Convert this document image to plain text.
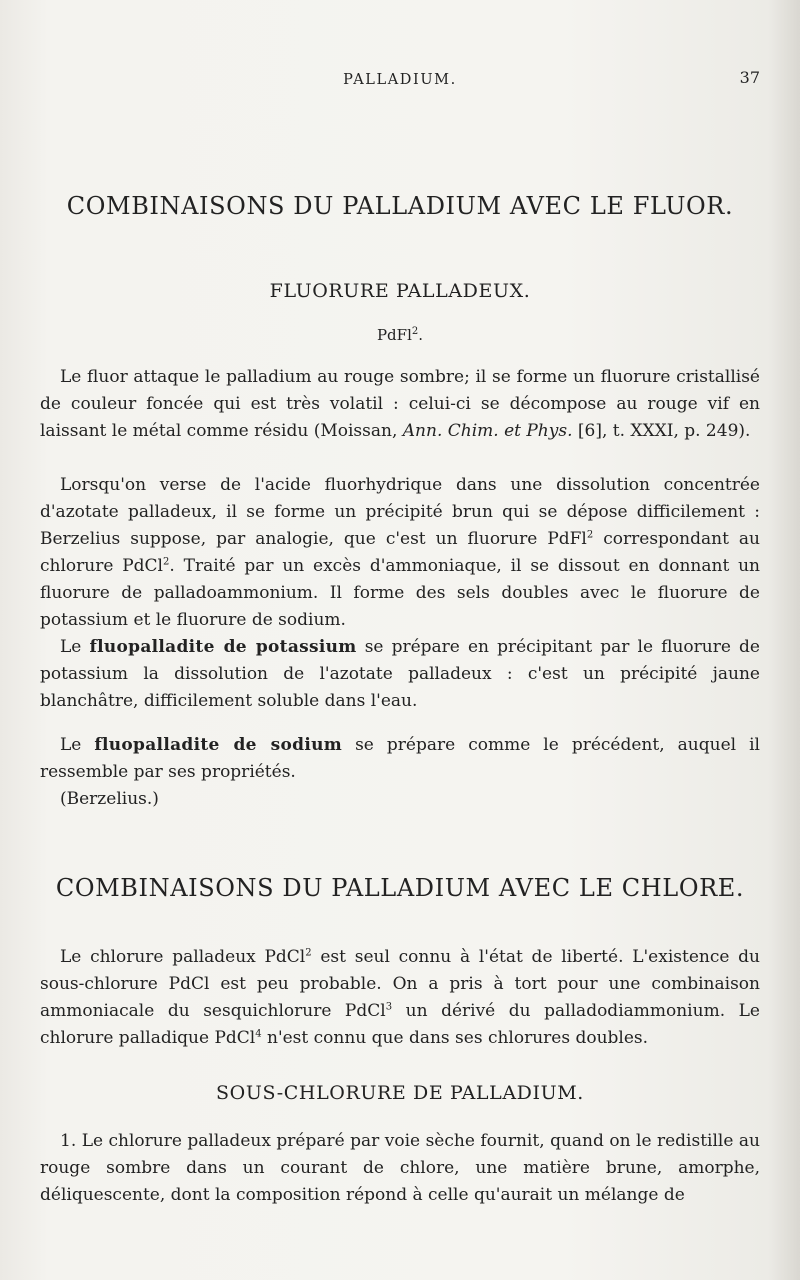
PALLADIUM.	37
COMBINAISONS DU PALLADIUM AVEC LE FLUOR.
FLUORURE PALLADEUX.
PdFl$^2$.

Le fluor attaque le palladium au rouge sombre; il se forme un fluorure cristallisé de couleur foncée qui est très volatil : celui-ci se décompose au rouge vif en laissant le métal comme résidu (Moissan, Ann. Chim. et Phys. [6], t. XXXI, p. 249).

Lorsqu'on verse de l'acide fluorhydrique dans une dissolution concentrée d'azotate palladeux, il se forme un précipité brun qui se dépose difficilement : Berzelius suppose, par analogie, que c'est un fluorure PdFl$^2$ correspondant au chlorure PdCl$^2$. Traité par un excès d'ammoniaque, il se dissout en donnant un fluorure de palladoammonium. Il forme des sels doubles avec le fluorure de potassium et le fluorure de sodium.

Le fluopalladite de potassium se prépare en précipitant par le fluorure de potassium la dissolution de l'azotate palladeux : c'est un précipité jaune blanchâtre, difficilement soluble dans l'eau.

Le fluopalladite de sodium se prépare comme le précédent, auquel il ressemble par ses propriétés.

(Berzelius.)

COMBINAISONS DU PALLADIUM AVEC LE CHLORE.

Le chlorure palladeux PdCl$^2$ est seul connu à l'état de liberté. L'existence du sous-chlorure PdCl est peu probable. On a pris à tort pour une combinaison ammoniacale du sesquichlorure PdCl$^3$ un dérivé du palladodiammonium. Le chlorure palladique PdCl$^4$ n'est connu que dans ses chlorures doubles.

SOUS-CHLORURE DE PALLADIUM.

1. Le chlorure palladeux préparé par voie sèche fournit, quand on le redistille au rouge sombre dans un courant de chlore, une matière brune, amorphe, déliquescente, dont la composition répond à celle qu'aurait un mélange de
